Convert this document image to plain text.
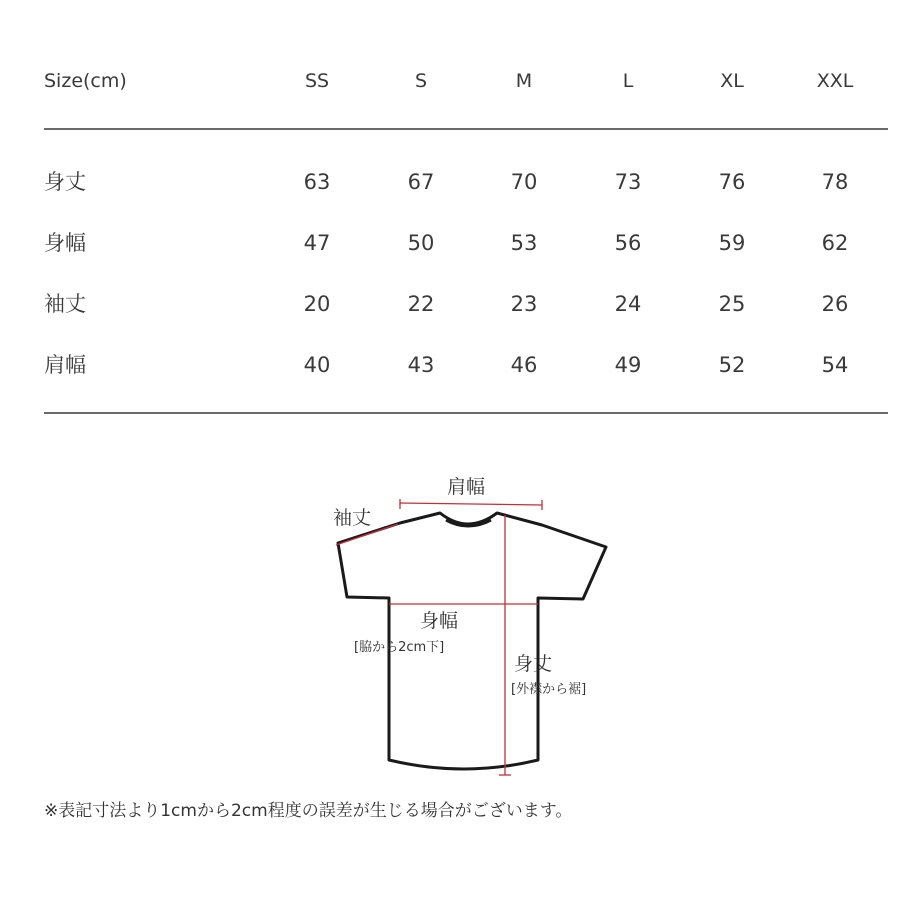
Size(cm)	SS	S	M	L	XL	XXL
身丈	63	67	70	73	76	78
身幅	47	50	53	56	59	62
袖丈	20	22	23	24	25	26
肩幅	40	43	46	49	52	54
肩幅
袖丈
身幅
[脇から2cm下]
身丈
[外襟から裾]
※表記寸法より1cmから2cm程度の誤差が生じる場合がございます。
